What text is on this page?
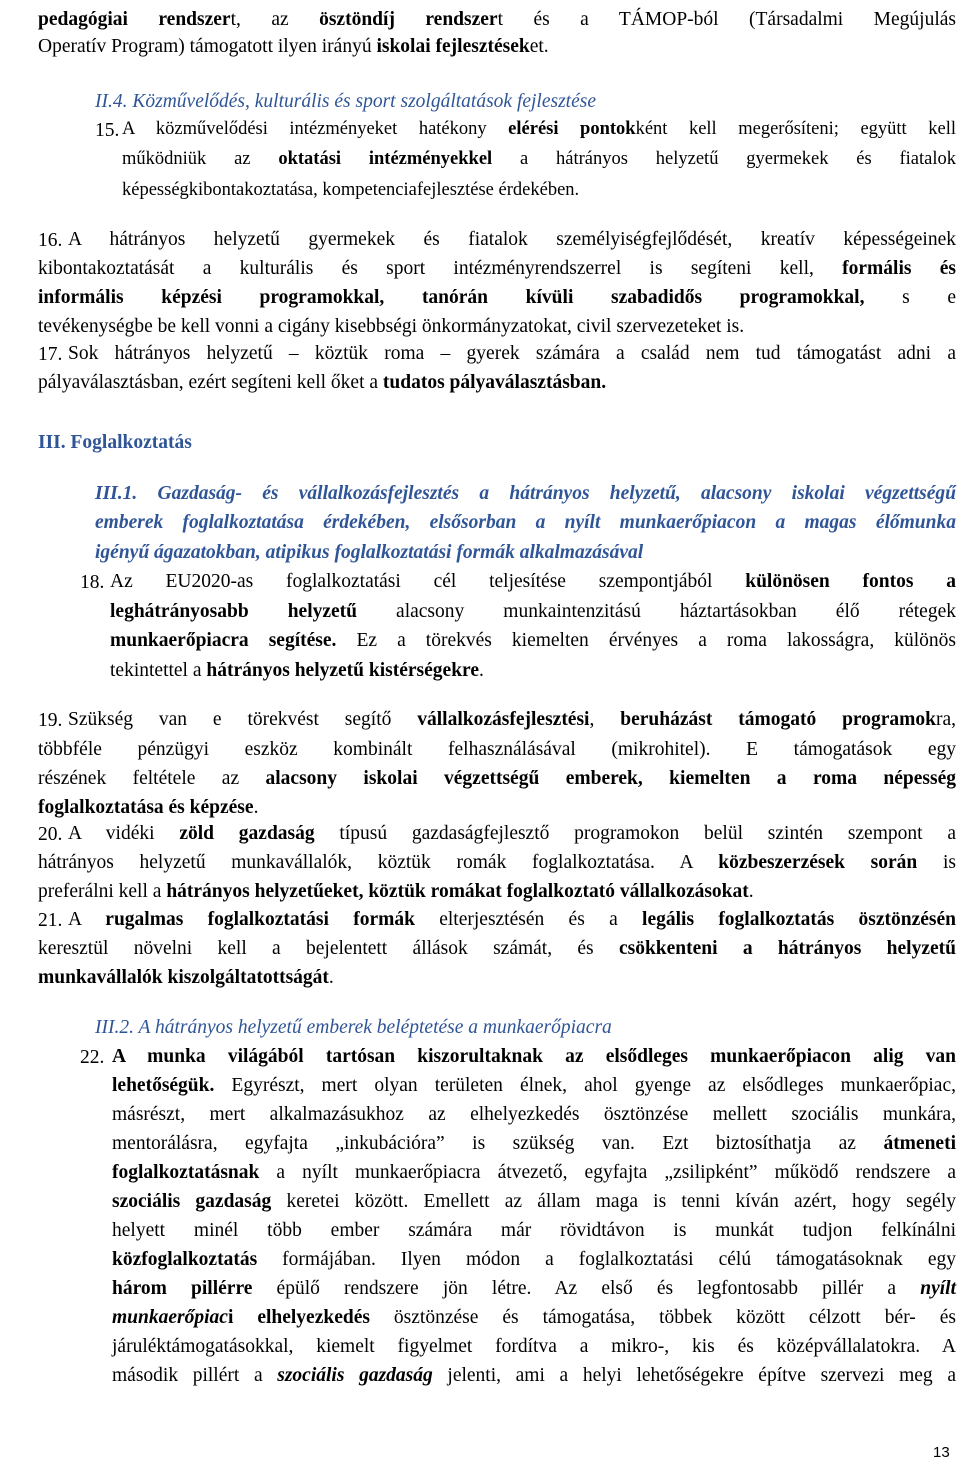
pedagógiai rendszert, az ösztöndíj rendszert és a TÁMOP-ból (Társadalmi Megújulás
Operatív Program) támogatott ilyen irányú iskolai fejlesztéseket.
II.4. Közművelődés, kulturális és sport szolgáltatások fejlesztése
15. A közművelődési intézményeket hatékony elérési pontokként kell megerősíteni; együtt kell
működniük az oktatási intézményekkel a hátrányos helyzetű gyermekek és fiatalok
képességkibontakoztatása, kompetenciafejlesztése érdekében.
16. A hátrányos helyzetű gyermekek és fiatalok személyiségfejlődését, kreatív képességeinek
kibontakoztatását a kulturális és sport intézményrendszerrel is segíteni kell, formális és
informális képzési programokkal, tanórán kívüli szabadidős programokkal, s e
tevékenységbe be kell vonni a cigány kisebbségi önkormányzatokat, civil szervezeteket is.
17. Sok hátrányos helyzetű – köztük roma – gyerek számára a család nem tud támogatást adni a
pályaválasztásban, ezért segíteni kell őket a tudatos pályaválasztásban.
III. Foglalkoztatás
III.1. Gazdaság- és vállalkozásfejlesztés a hátrányos helyzetű, alacsony iskolai végzettségű
emberek foglalkoztatása érdekében, elsősorban a nyílt munkaerőpiacon a magas élőmunka
igényű ágazatokban, atipikus foglalkoztatási formák alkalmazásával
18. Az EU2020-as foglalkoztatási cél teljesítése szempontjából különösen fontos a
leghátrányosabb helyzetű alacsony munkaintenzitású háztartásokban élő rétegek
munkaerőpiacra segítése. Ez a törekvés kiemelten érvényes a roma lakosságra, különös
tekintettel a hátrányos helyzetű kistérségekre.
19. Szükség van e törekvést segítő vállalkozásfejlesztési, beruházást támogató programokra,
többféle pénzügyi eszköz kombinált felhasználásával (mikrohitel). E támogatások egy
részének feltétele az alacsony iskolai végzettségű emberek, kiemelten a roma népesség
foglalkoztatása és képzése.
20. A vidéki zöld gazdaság típusú gazdaságfejlesztő programokon belül szintén szempont a
hátrányos helyzetű munkavállalók, köztük romák foglalkoztatása. A közbeszerzések során is
preferálni kell a hátrányos helyzetűeket, köztük romákat foglalkoztató vállalkozásokat.
21. A rugalmas foglalkoztatási formák elterjesztésén és a legális foglalkoztatás ösztönzésén
keresztül növelni kell a bejelentett állások számát, és csökkenteni a hátrányos helyzetű
munkavállalók kiszolgáltatottságát.
III.2. A hátrányos helyzetű emberek beléptetése a munkaerőpiacra
22. A munka világából tartósan kiszorultaknak az elsődleges munkaerőpiacon alig van
lehetőségük. Egyrészt, mert olyan területen élnek, ahol gyenge az elsődleges munkaerőpiac,
másrészt, mert alkalmazásukhoz az elhelyezkedés ösztönzése mellett szociális munkára,
mentorálásra, egyfajta „inkubációra” is szükség van. Ezt biztosíthatja az átmeneti
foglalkoztatásnak a nyílt munkaerőpiacra átvezető, egyfajta „zsilipként” működő rendszere a
szociális gazdaság keretei között. Emellett az állam maga is tenni kíván azért, hogy segély
helyett minél több ember számára már rövidtávon is munkát tudjon felkínálni
közfoglalkoztatás formájában. Ilyen módon a foglalkoztatási célú támogatásoknak egy
három pillérre épülő rendszere jön létre. Az első és legfontosabb pillér a nyílt
munkaerőpiaci elhelyezkedés ösztönzése és támogatása, többek között célzott bér- és
járuléktámogatásokkal, kiemelt figyelmet fordítva a mikro-, kis és középvállalatokra. A
második pillért a szociális gazdaság jelenti, ami a helyi lehetőségekre építve szervezi meg a
13
